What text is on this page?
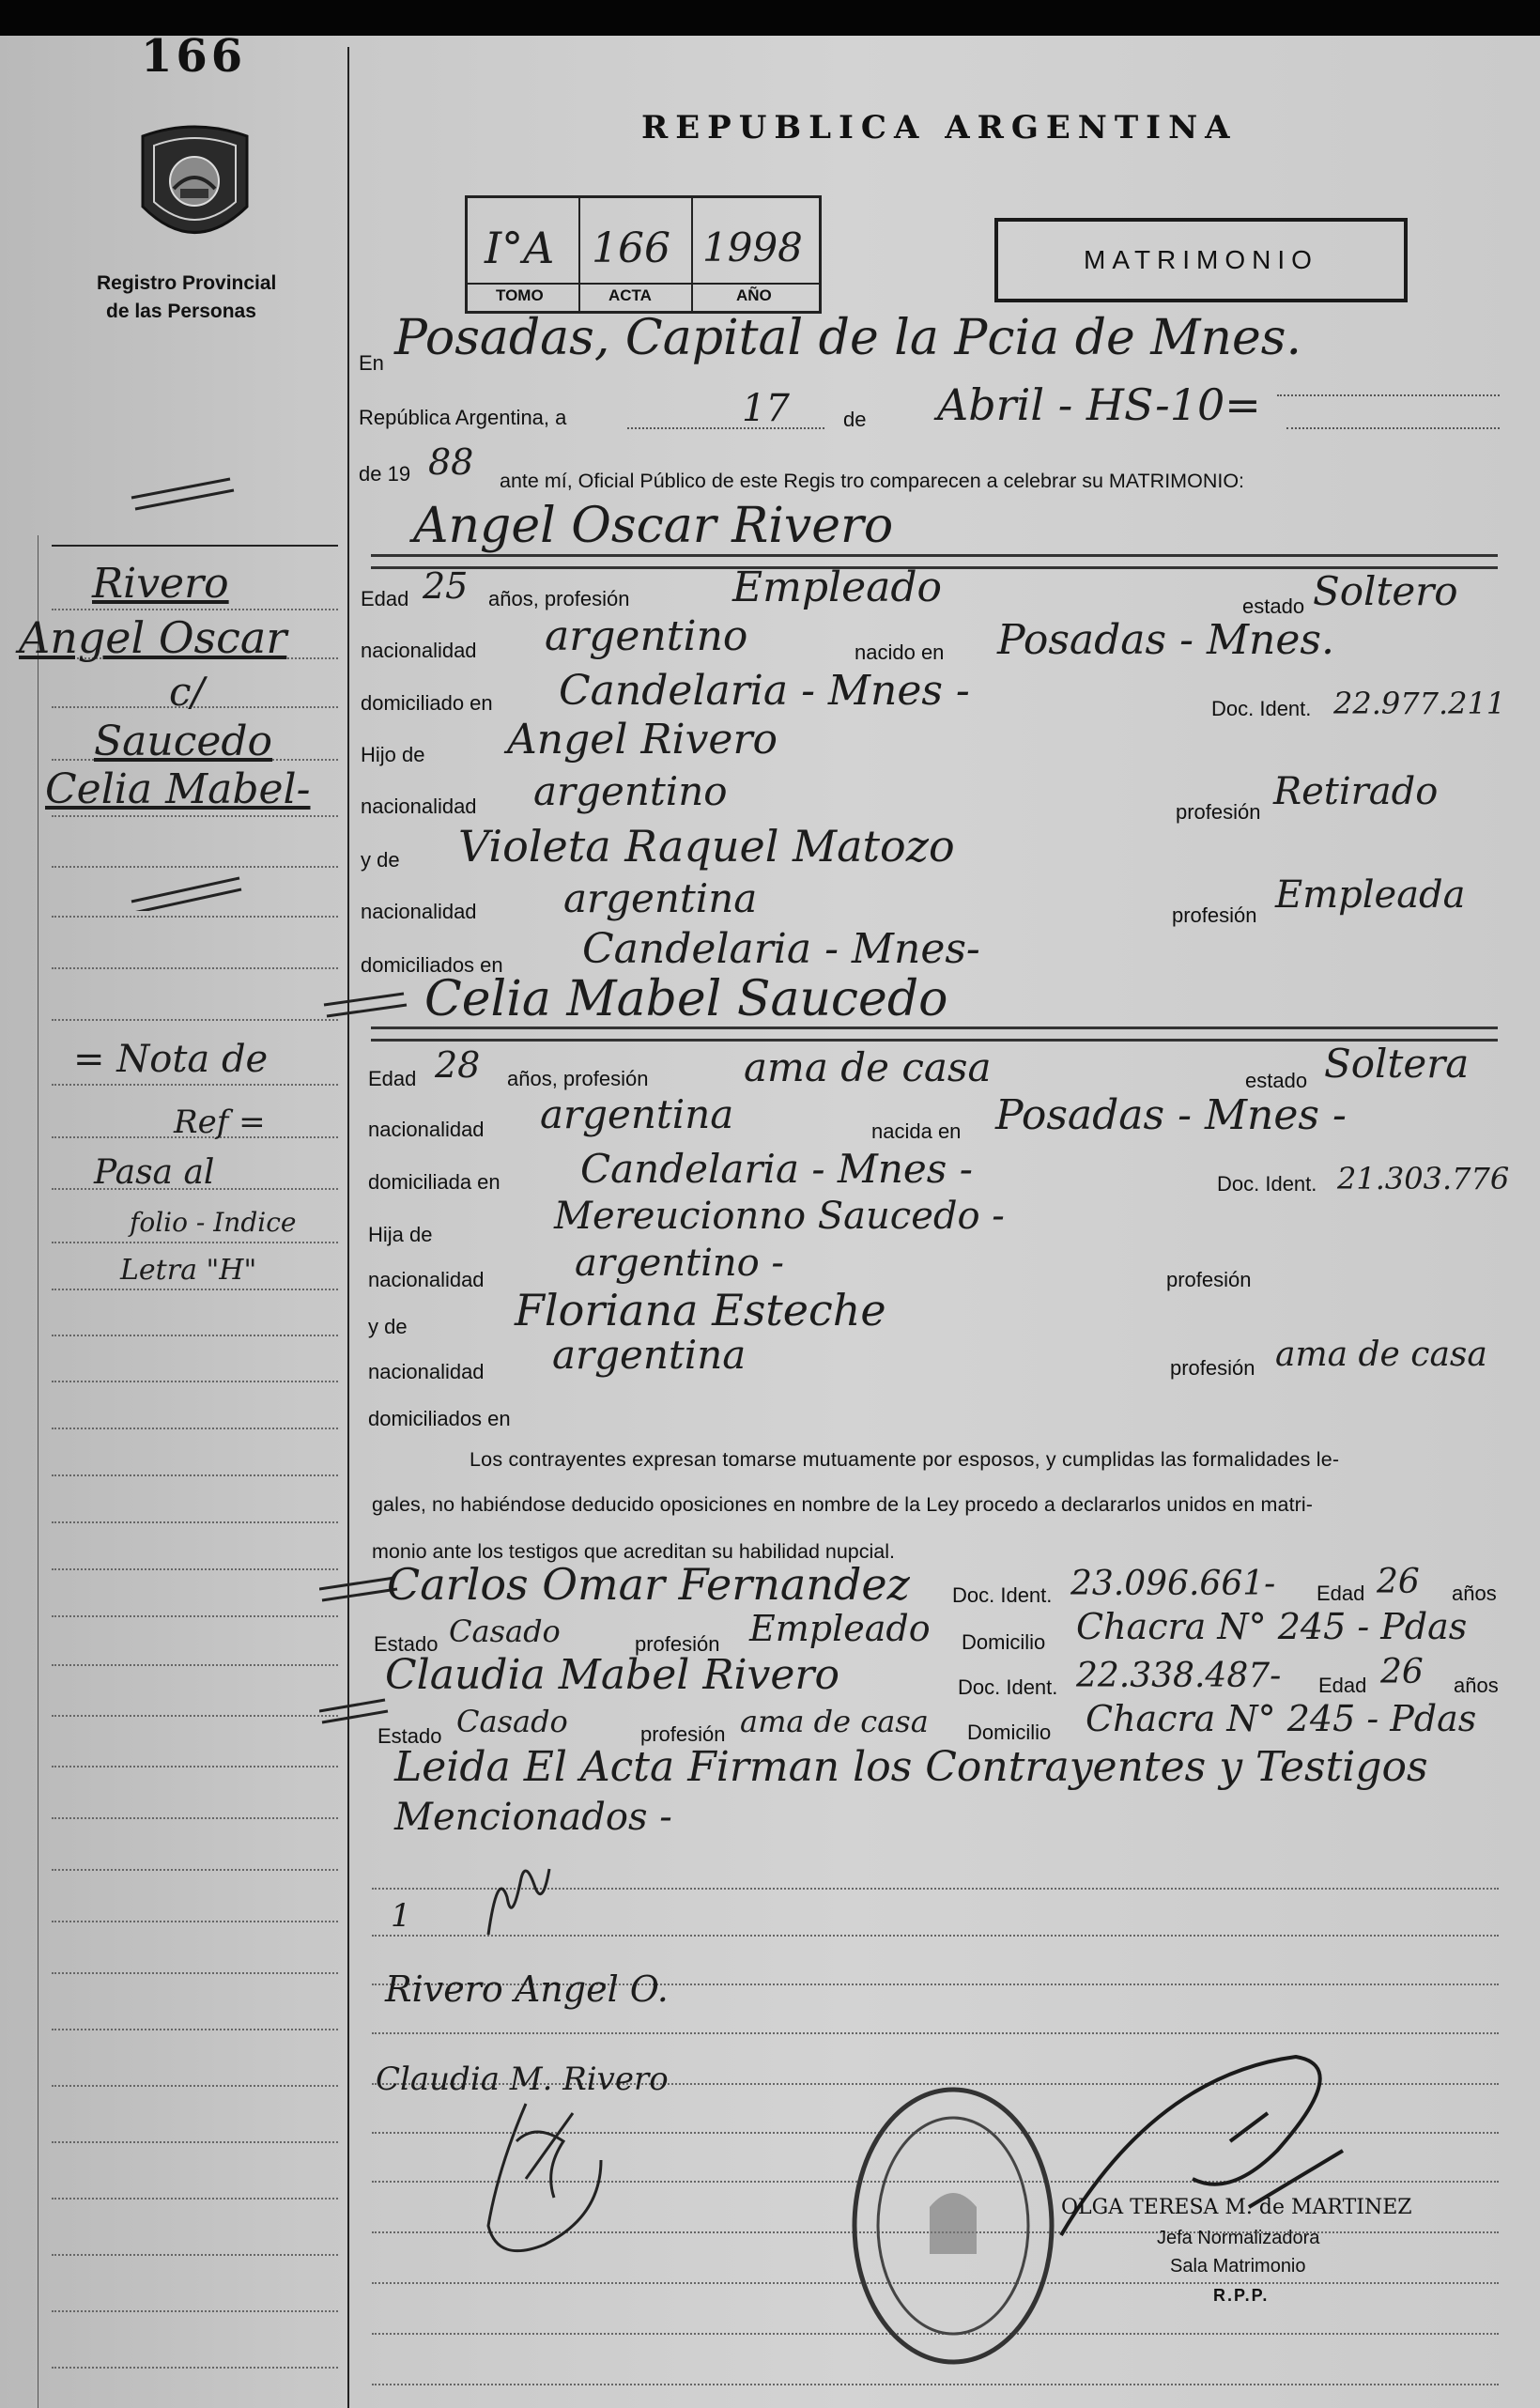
166
Registro Provincial
de las Personas
REPUBLICA ARGENTINA
I°A 166 1998
TOMO	ACTA	AÑO
MATRIMONIO
Rivero
Angel Oscar
c/
Saucedo
Celia Mabel-
= Nota de
Ref =
Pasa al
folio - Indice
Letra "H"
En Posadas, Capital de la Pcia de Mnes.
República Argentina, a	17	de Abril - HS-10=
de 19 88 ante mí, Oficial Público de este Regis tro comparecen a celebrar su MATRIMONIO:
Angel Oscar Rivero
Edad 25 años, profesión Empleado	estado Soltero
nacionalidad argentino	nacido en Posadas - Mnes.
domiciliado en Candelaria - Mnes -	Doc. Ident. 22.977.211
Hijo de Angel Rivero
nacionalidad argentino	profesión Retirado
y de Violeta Raquel Matozo
nacionalidad argentina	profesión Empleada
domiciliados en Candelaria - Mnes-
Celia Mabel Saucedo
Edad 28 años, profesión ama de casa	estado Soltera
nacionalidad argentina	nacida en Posadas - Mnes -
domiciliada en Candelaria - Mnes -	Doc. Ident. 21.303.776
Hija de	Mereucionno Saucedo -
nacionalidad argentino -	profesión
y de Floriana Esteche
nacionalidad argentina	profesión ama de casa
domiciliados en
Los contrayentes expresan tomarse mutuamente por esposos, y cumplidas las formalidades le-
gales, no habiéndose deducido oposiciones en nombre de la Ley procedo a declararlos unidos en matri-
monio ante los testigos que acreditan su habilidad nupcial.
Carlos Omar Fernandez Doc. Ident. 23.096.661- Edad 26 años
Estado Casado	profesión Empleado Domicilio Chacra N° 245 - Pdas
Claudia Mabel Rivero	Doc. Ident. 22.338.487- Edad 26 años
Estado Casado	profesión ama de casa Domicilio Chacra N° 245 - Pdas
Leida El Acta Firman los Contrayentes y Testigos
Mencionados -
1
Rivero Angel O.
Claudia M. Rivero
OLGA TERESA M. de MARTINEZ
Jefa Normalizadora
Sala Matrimonio
R.P.P.
